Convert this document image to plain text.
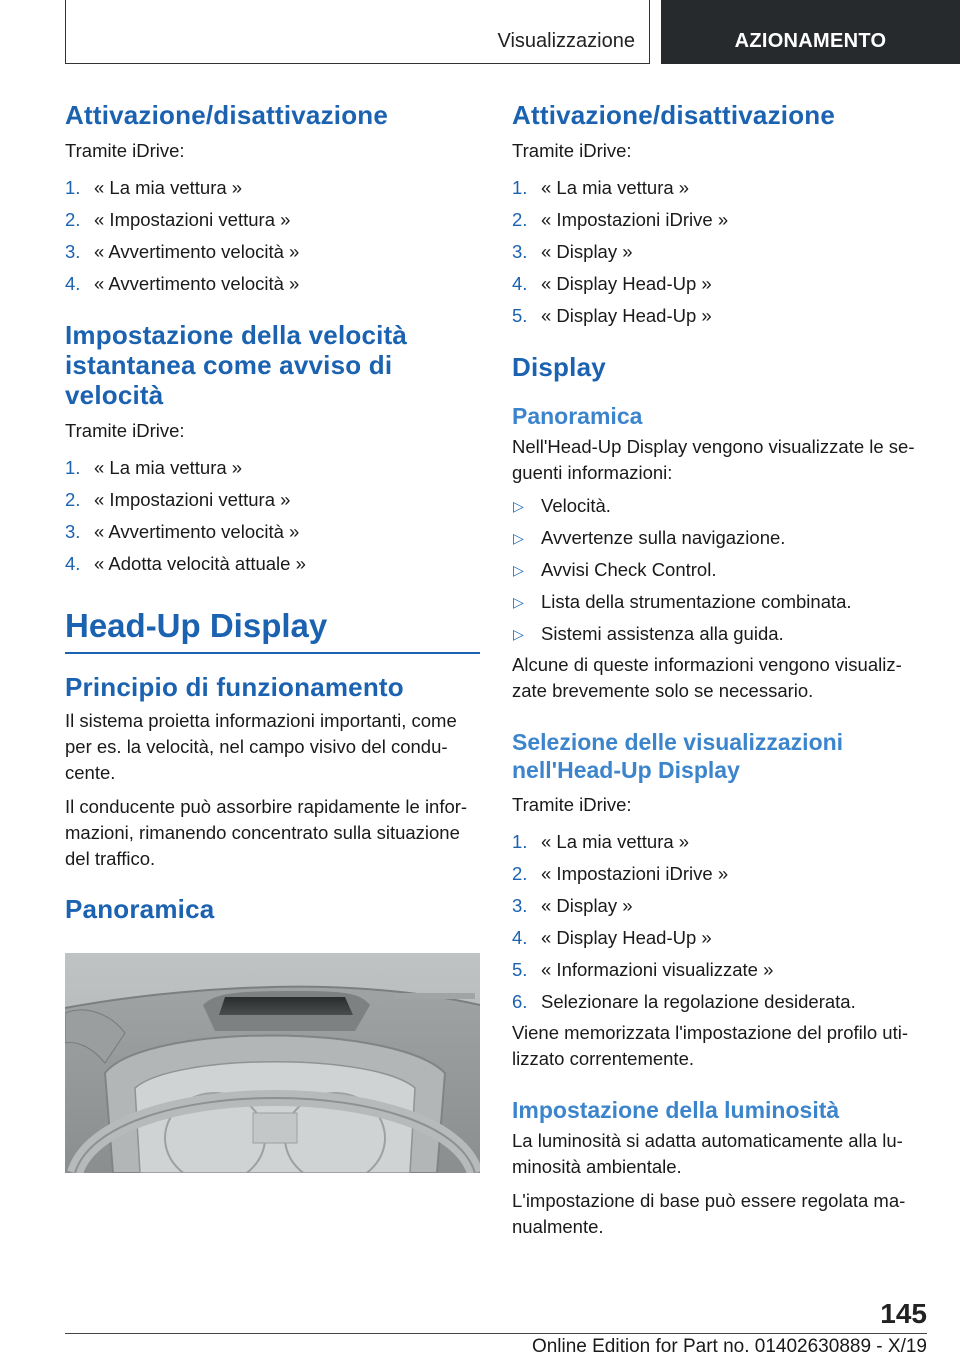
Visualizzazione	AZIONAMENTO
Attivazione/disattivazione

Tramite iDrive:

1. « La mia vettura »
2. « Impostazioni vettura »
3. « Avvertimento velocità »
4. « Avvertimento velocità »
Impostazione della velocità istantanea come avviso di velocità

Tramite iDrive:

1. « La mia vettura »
2. « Impostazioni vettura »
3. « Avvertimento velocità »
4. « Adotta velocità attuale »
Head-Up Display
Principio di funzionamento

Il sistema proietta informazioni importanti, come per es. la velocità, nel campo visivo del condu-cente.

Il conducente può assorbire rapidamente le infor-mazioni, rimanendo concentrato sulla situazione del traffico.

Panoramica
Attivazione/disattivazione

Tramite iDrive:

1. « La mia vettura »
2. « Impostazioni iDrive »
3. « Display »
4. « Display Head-Up »
5. « Display Head-Up »
Display
Panoramica

Nell'Head-Up Display vengono visualizzate le se-guenti informazioni:

▷ Velocità.
▷ Avvertenze sulla navigazione.
▷ Avvisi Check Control.
▷ Lista della strumentazione combinata.
▷ Sistemi assistenza alla guida.

Alcune di queste informazioni vengono visualiz-zate brevemente solo se necessario.

Selezione delle visualizzazioni nell'Head-Up Display

Tramite iDrive:

1. « La mia vettura »
2. « Impostazioni iDrive »
3. « Display »
4. « Display Head-Up »
5. « Informazioni visualizzate »
6. Selezionare la regolazione desiderata.

Viene memorizzata l'impostazione del profilo uti-lizzato correntemente.

Impostazione della luminosità

La luminosità si adatta automaticamente alla lu-minosità ambientale.

L'impostazione di base può essere regolata ma-nualmente.

145
Online Edition for Part no. 01402630889 - X/19
